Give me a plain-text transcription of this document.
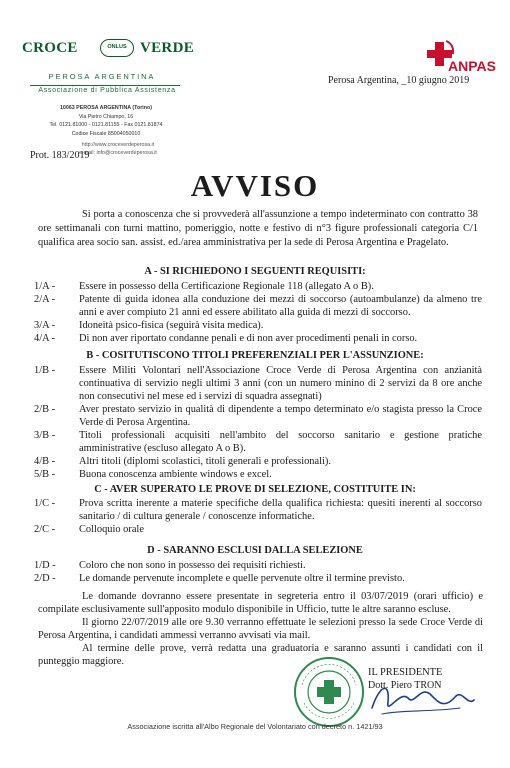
CROCE	ONLUS VERDE
PEROSA ARGENTINA
Associazione di Pubblica Assistenza
10063 PEROSA ARGENTINA (Torino)
Via Pietro Chiampo, 16
Tel. 0121.81000 - 0121.81155 - Fax 0121.81874
Codice Fiscale 85004050010
http://www.croceverdeperosa.it
e-mail: info@croceverdeperosa.it
Prot. 183/2019
ANPAS
Perosa Argentina, _10 giugno 2019
AVVISO

Si porta a conoscenza che si provvederà all'assunzione a tempo indeterminato con contratto 38 ore settimanali con turni mattino, pomeriggio, notte e festivo di n°3 figure professionali categoria C/1 qualifica area socio san. assist. ed./area amministrativa per la sede di Perosa Argentina e Pragelato.

A - SI RICHIEDONO I SEGUENTI REQUISITI:
1/A -	Essere in possesso della Certificazione Regionale 118 (allegato A o B).
2/A -	Patente di guida idonea alla conduzione dei mezzi di soccorso (autoambulanze) da almeno tre anni e aver compiuto 21 anni ed essere abilitato alla guida di mezzi di soccorso.
3/A -	Idoneità psico-fisica (seguirà visita medica).
4/A -	Di non aver riportato condanne penali e di non aver procedimenti penali in corso.
B - COSITUTISCONO TITOLI PREFERENZIALI PER L'ASSUNZIONE:
1/B -	Essere Militi Volontari nell'Associazione Croce Verde di Perosa Argentina con anzianità continuativa di servizio negli ultimi 3 anni (con un numero minino di 2 servizi da 8 ore anche non consecutivi nel mese ed i servizi di squadra assegnati)
2/B -	Aver prestato servizio in qualità di dipendente a tempo determinato e/o stagista presso la Croce Verde di Perosa Argentina.
3/B -	Titoli professionali acquisiti nell'ambito del soccorso sanitario e gestione pratiche amministrative (escluso allegato A o B).
4/B -	Altri titoli (diplomi scolastici, titoli generali e professionali).
5/B -	Buona conoscenza ambiente windows e excel.
C - AVER SUPERATO LE PROVE DI SELEZIONE, COSTITUITE IN:
1/C -	Prova scritta inerente a materie specifiche della qualifica richiesta: quesiti inerenti al soccorso sanitario / di cultura generale / conoscenze informatiche.
2/C -	Colloquio orale
D - SARANNO ESCLUSI DALLA SELEZIONE
1/D -	Coloro che non sono in possesso dei requisiti richiesti.
2/D -	Le domande pervenute incomplete e quelle pervenute oltre il termine previsto.

Le domande dovranno essere presentate in segreteria entro il 03/07/2019 (orari ufficio) e compilate esclusivamente sull'apposito modulo disponibile in Ufficio, tutte le altre saranno escluse.

Il giorno 22/07/2019 alle ore 9.30 verranno effettuate le selezioni presso la sede Croce Verde di Perosa Argentina, i candidati ammessi verranno avvisati via mail.

Al termine delle prove, verrà redatta una graduatoria e saranno assunti i candidati con il punteggio maggiore.

IL PRESIDENTE
Dott. Piero TRON
Associazione iscritta all'Albo Regionale del Volontariato con decreto n. 1421/93
